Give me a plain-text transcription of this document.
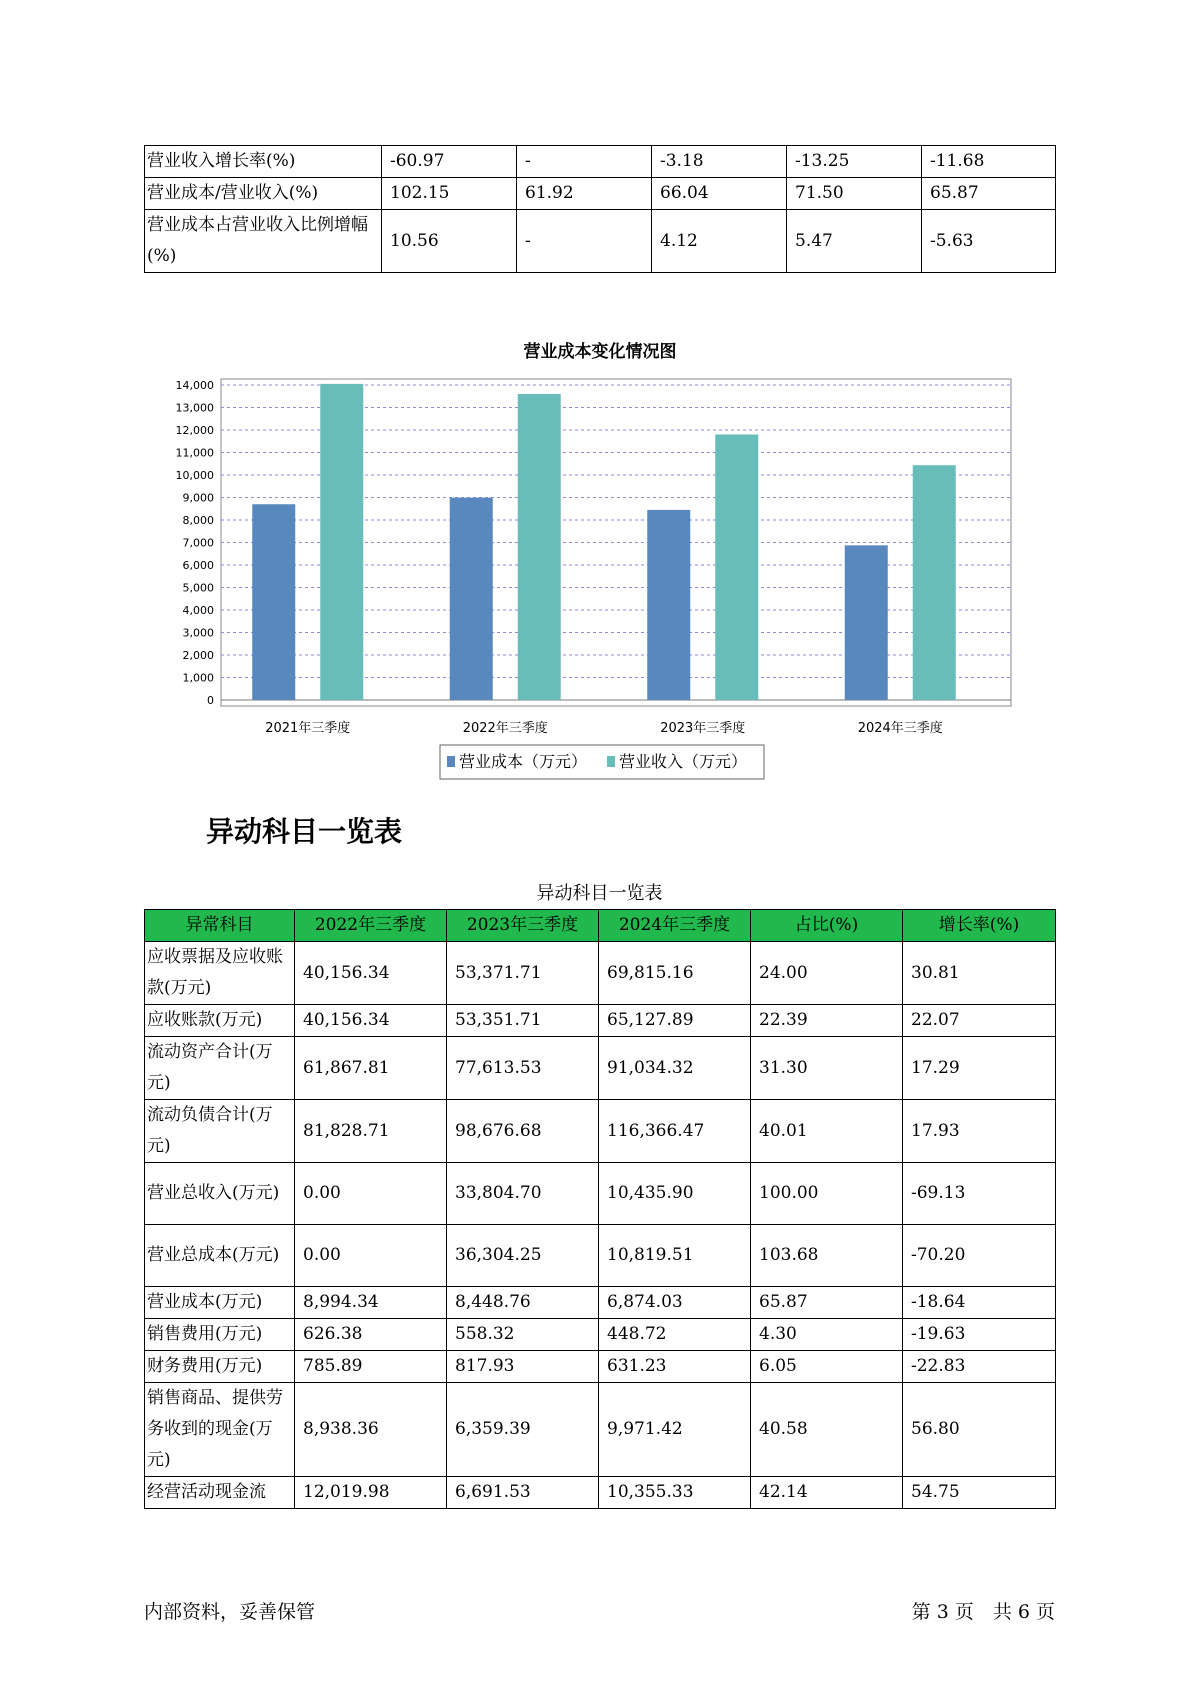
营业收入增长率(%)	-60.97	-	-3.18	-13.25	-11.68
营业成本/营业收入(%)	102.15	61.92	66.04	71.50	65.87
营业成本占营业收入比例增幅(%)	10.56	-	4.12	5.47	-5.63
营业成本变化情况图
0
1,000
2,000
3,000
4,000
5,000
6,000
7,000
8,000
9,000
10,000
11,000
12,000
13,000
14,000
2021年三季度	2022年三季度	2023年三季度	2024年三季度
营业成本（万元） 营业收入（万元）
异动科目一览表
异动科目一览表
异常科目	2022年三季度	2023年三季度	2024年三季度	占比(%)	增长率(%)
应收票据及应收账款(万元)	40,156.34	53,371.71	69,815.16	24.00	30.81
应收账款(万元)	40,156.34	53,351.71	65,127.89	22.39	22.07
流动资产合计(万元)	61,867.81	77,613.53	91,034.32	31.30	17.29
流动负债合计(万元)	81,828.71	98,676.68	116,366.47	40.01	17.93
营业总收入(万元)	0.00	33,804.70	10,435.90	100.00	-69.13
营业总成本(万元)	0.00	36,304.25	10,819.51	103.68	-70.20
营业成本(万元)	8,994.34	8,448.76	6,874.03	65.87	-18.64
销售费用(万元)	626.38	558.32	448.72	4.30	-19.63
财务费用(万元)	785.89	817.93	631.23	6.05	-22.83
销售商品、提供劳务收到的现金(万元)	8,938.36	6,359.39	9,971.42	40.58	56.80
经营活动现金流	12,019.98	6,691.53	10,355.33	42.14	54.75
内部资料，妥善保管	第 3 页　共 6 页
